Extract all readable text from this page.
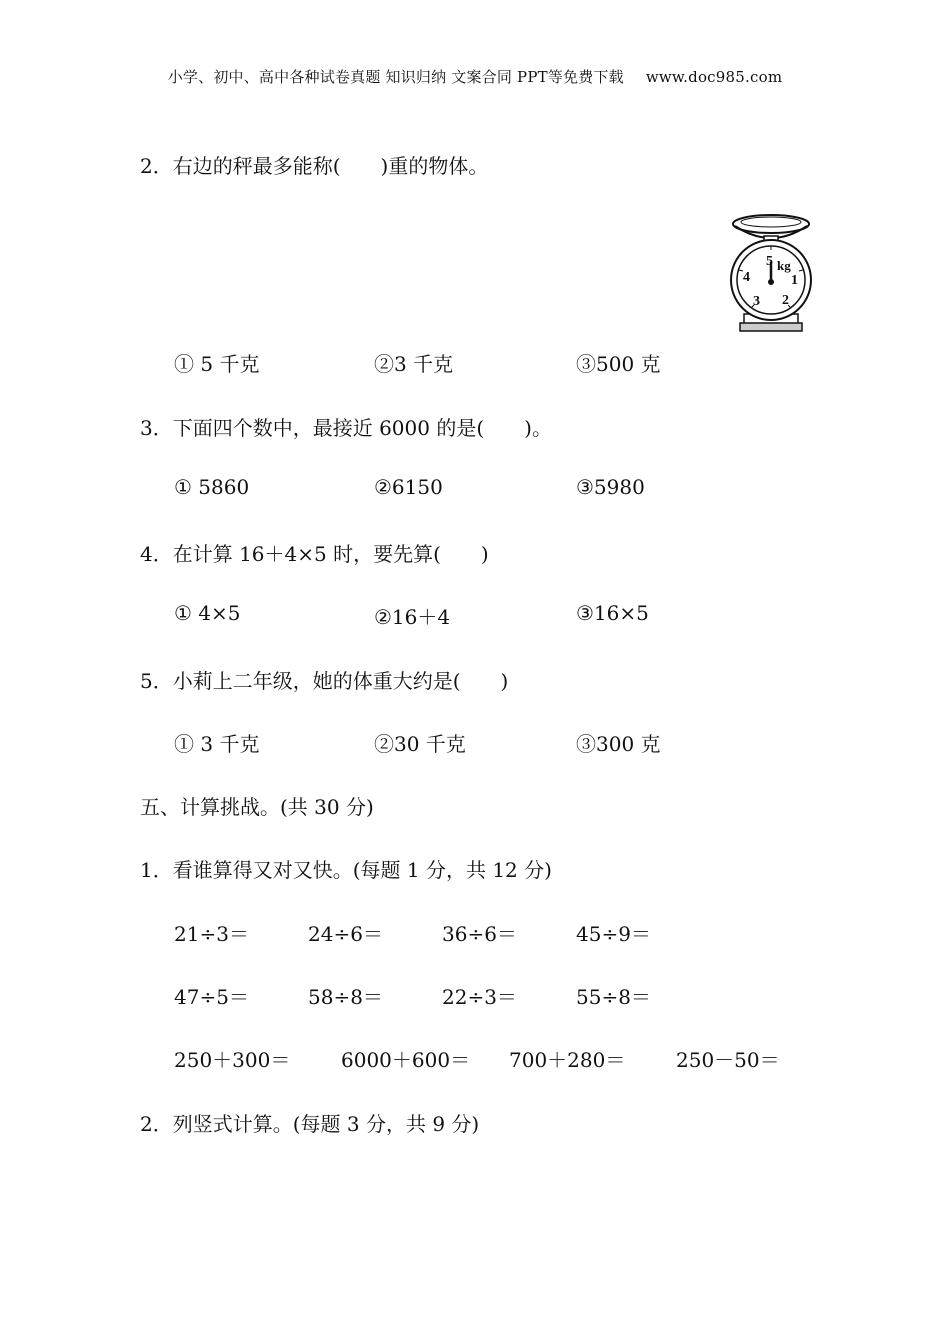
小学、初中、高中各种试卷真题 知识归纳 文案合同 PPT等免费下载 www.doc985.com
2．右边的秤最多能称(　　)重的物体。
5
1
2
3
4
kg
① 5 千克	②3 千克	③500 克
3．下面四个数中，最接近 6000 的是(　　)。
① 5860	②6150	③5980
4．在计算 16＋4×5 时，要先算(　　)
① 4×5	②16＋4	③16×5
5．小莉上二年级，她的体重大约是(　　)
① 3 千克	②30 千克	③300 克
五、计算挑战。(共 30 分)
1．看谁算得又对又快。(每题 1 分，共 12 分)
21÷3＝	24÷6＝	36÷6＝	45÷9＝
47÷5＝	58÷8＝	22÷3＝	55÷8＝
250＋300＝	6000＋600＝ 700＋280＝	250－50＝
2．列竖式计算。(每题 3 分，共 9 分)
